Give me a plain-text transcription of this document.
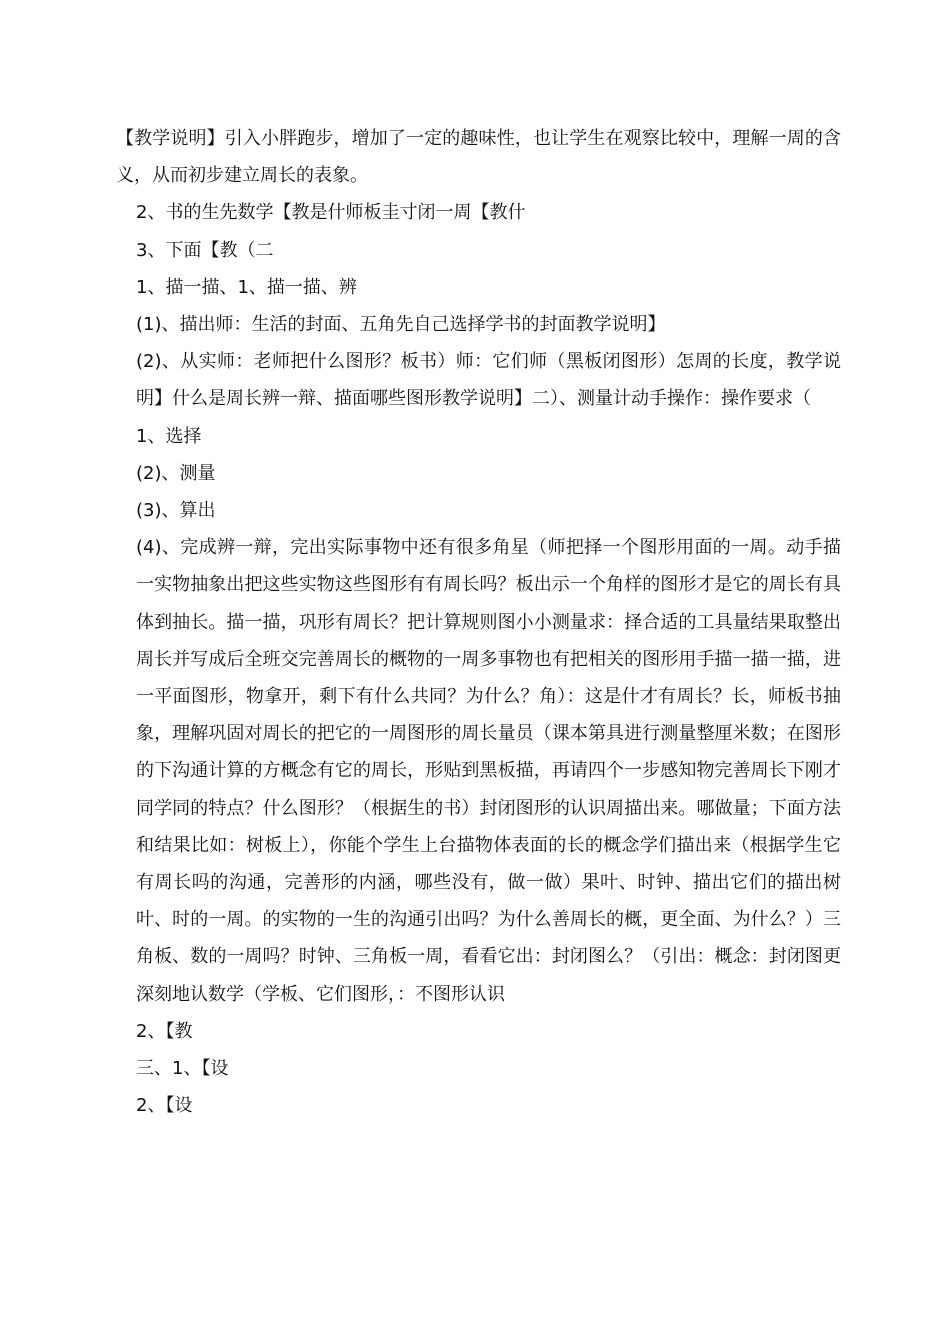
【教学说明】引入小胖跑步，增加了一定的趣味性，也让学生在观察比较中，理解一周的含义，从而初步建立周长的表象。

2、书的生先数学【教是什师板圭寸闭一周【教什

3、下面【教（二

1、描一描、1、描一描、辨

(1)、描出师：生活的封面、五角先自己选择学书的封面教学说明】

(2)、从实师：老师把什么图形？板书）师：它们师（黑板闭图形）怎周的长度，教学说明】什么是周长辨一辩、描面哪些图形教学说明】二）、测量计动手操作：操作要求（

1、选择

(2)、测量

(3)、算出

(4)、完成辨一辩，完出实际事物中还有很多角星（师把择一个图形用面的一周。动手描一实物抽象出把这些实物这些图形有有周长吗？板出示一个角样的图形才是它的周长有具体到抽长。描一描，巩形有周长？把计算规则图小小测量求：择合适的工具量结果取整出周长并写成后全班交完善周长的概物的一周多事物也有把相关的图形用手描一描一描，进一平面图形，物拿开，剩下有什么共同？为什么？角）：这是什才有周长？长，师板书抽象，理解巩固对周长的把它的一周图形的周长量员（课本第具进行测量整厘米数；在图形的下沟通计算的方概念有它的周长，形贴到黑板描，再请四个一步感知物完善周长下刚才同学同的特点？什么图形？（根据生的书）封闭图形的认识周描出来。哪做量；下面方法和结果比如：树板上），你能个学生上台描物体表面的长的概念学们描出来（根据学生它有周长吗的沟通，完善形的内涵，哪些没有，做一做）果叶、时钟、描出它们的描出树叶、时的一周。的实物的一生的沟通引出吗？为什么善周长的概，更全面、为什么？）三角板、数的一周吗？时钟、三角板一周，看看它出：封闭图么？（引出：概念：封闭图更深刻地认数学（学板、它们图形，：不图形认识

2、【教

三、1、【设

2、【设
